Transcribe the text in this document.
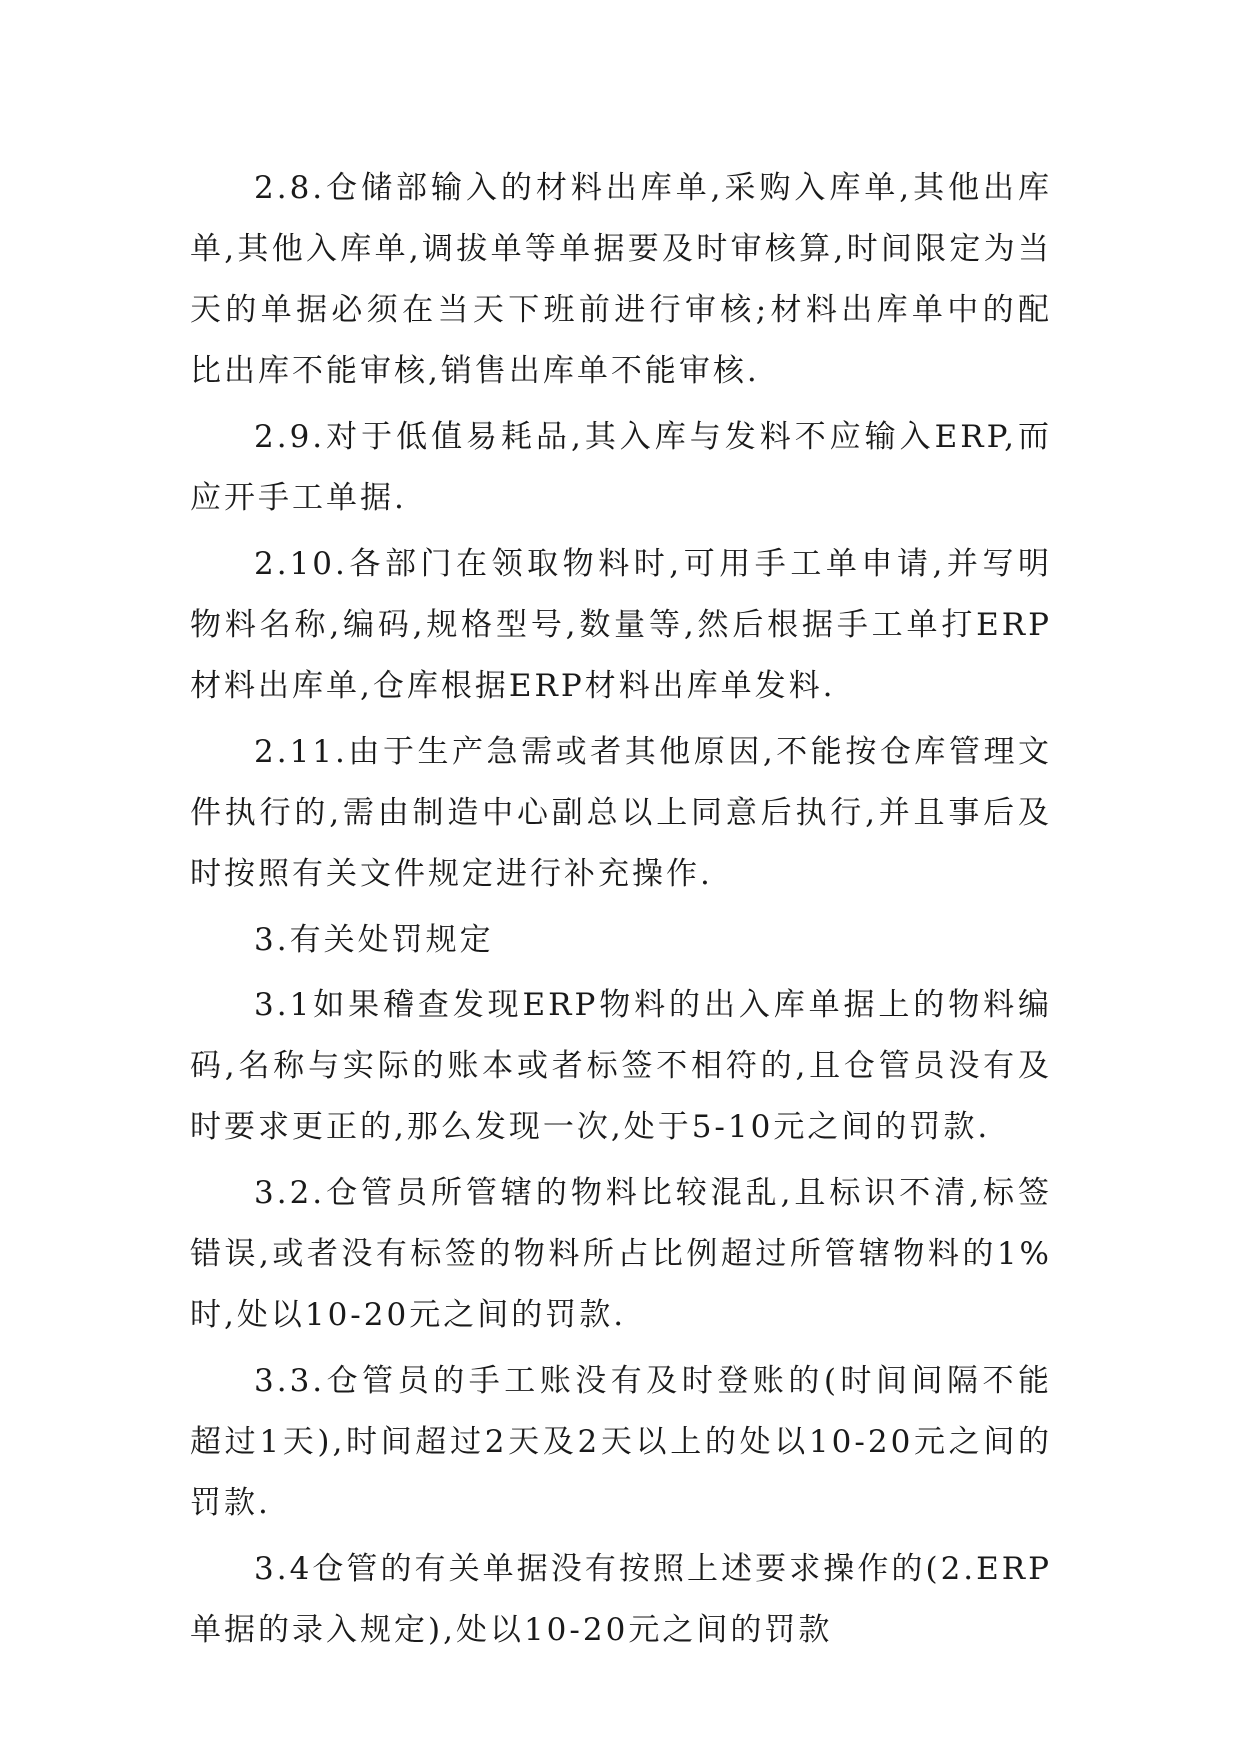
2.8.仓储部输入的材料出库单,采购入库单,其他出库单,其他入库单,调拔单等单据要及时审核算,时间限定为当天的单据必须在当天下班前进行审核;材料出库单中的配比出库不能审核,销售出库单不能审核.

2.9.对于低值易耗品,其入库与发料不应输入ERP,而应开手工单据.

2.10.各部门在领取物料时,可用手工单申请,并写明物料名称,编码,规格型号,数量等,然后根据手工单打ERP材料出库单,仓库根据ERP材料出库单发料.

2.11.由于生产急需或者其他原因,不能按仓库管理文件执行的,需由制造中心副总以上同意后执行,并且事后及时按照有关文件规定进行补充操作.

3.有关处罚规定

3.1如果稽查发现ERP物料的出入库单据上的物料编码,名称与实际的账本或者标签不相符的,且仓管员没有及时要求更正的,那么发现一次,处于5-10元之间的罚款.

3.2.仓管员所管辖的物料比较混乱,且标识不清,标签错误,或者没有标签的物料所占比例超过所管辖物料的1%时,处以10-20元之间的罚款.

3.3.仓管员的手工账没有及时登账的(时间间隔不能超过1天),时间超过2天及2天以上的处以10-20元之间的罚款.

3.4仓管的有关单据没有按照上述要求操作的(2.ERP单据的录入规定),处以10-20元之间的罚款
